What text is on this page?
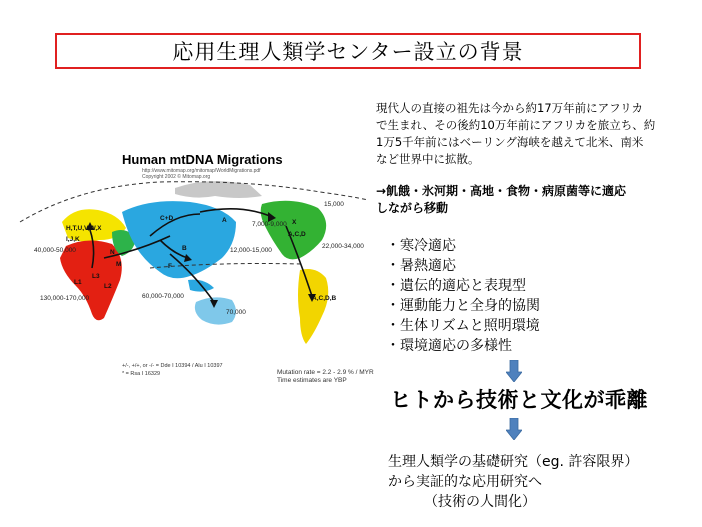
応用生理人類学センター設立の背景
Human mtDNA Migrations
http://www.mitomap.org/mitomap/WorldMigrations.pdf
Copyright 2002 © Mitomap.org
H,T,U,V,W,X
I,J,K
L1
L2
L3
M
N
C+D	A
B
F
X
A,C,D
A,C,D,B
130,000-170,000
40,000-50,000
60,000-70,000
70,000
12,000-15,000
7,000-9,000
15,000
22,000-34,000
+/-, +/+, or -/- = Dde I 10394 / Alu I 10397
* = Rsa I 16329	Mutation rate = 2.2 - 2.9 % / MYR
Time estimates are YBP
現代人の直接の祖先は今から約17万年前にアフリカ
で生まれ、その後約10万年前にアフリカを旅立ち、約
1万5千年前にはベーリング海峡を越えて北米、南米
など世界中に拡散。
→飢餓・氷河期・高地・食物・病原菌等に適応
しながら移動
・寒冷適応
・暑熱適応
・遺伝的適応と表現型
・運動能力と全身的協関
・生体リズムと照明環境
・環境適応の多様性
ヒトから技術と文化が乖離
生理人類学の基礎研究（eg. 許容限界）
から実証的な応用研究へ
（技術の人間化）
